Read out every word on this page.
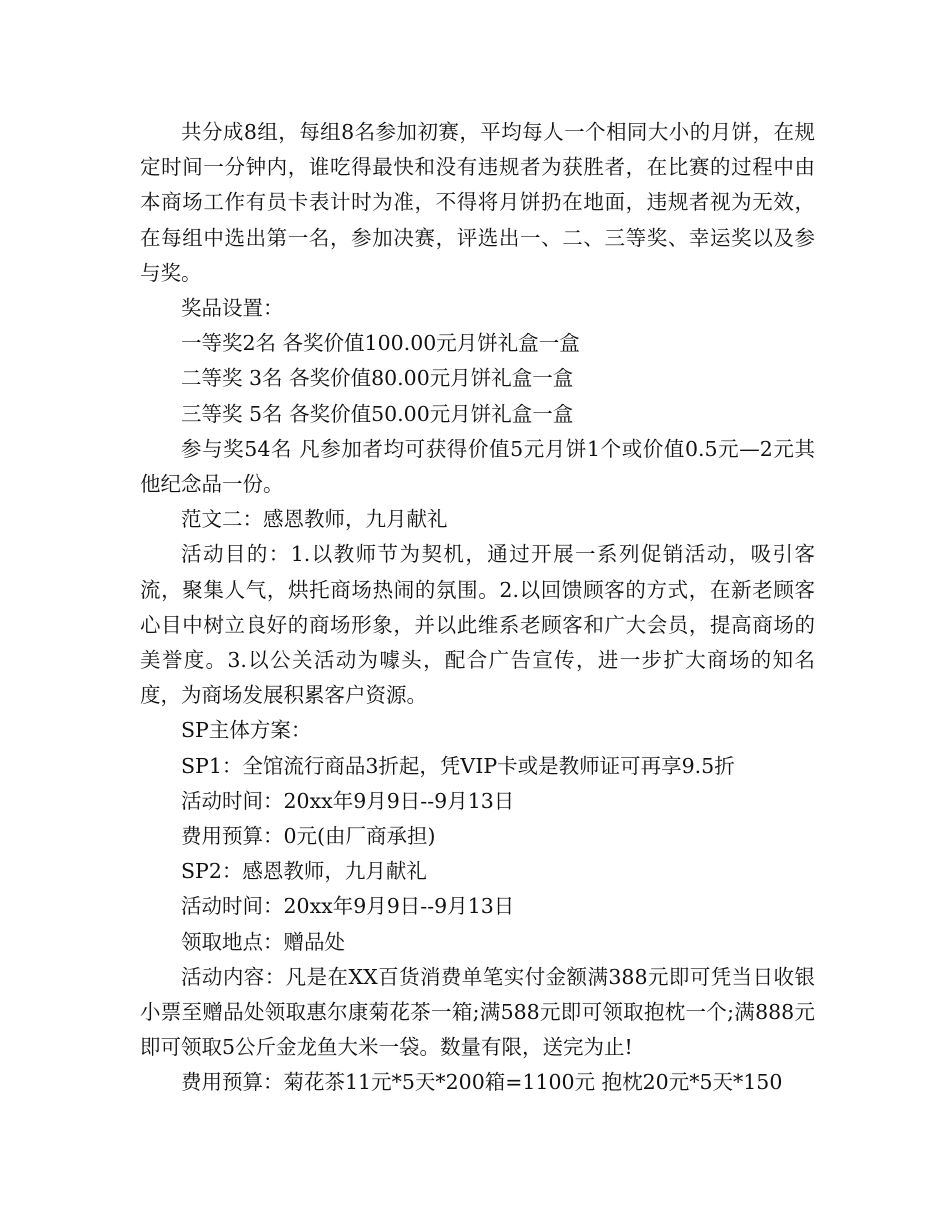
共分成8组，每组8名参加初赛，平均每人一个相同大小的月饼，在规定时间一分钟内，谁吃得最快和没有违规者为获胜者，在比赛的过程中由本商场工作有员卡表计时为准，不得将月饼扔在地面，违规者视为无效，在每组中选出第一名，参加决赛，评选出一、二、三等奖、幸运奖以及参与奖。

奖品设置：

一等奖2名 各奖价值100.00元月饼礼盒一盒

二等奖 3名 各奖价值80.00元月饼礼盒一盒

三等奖 5名 各奖价值50.00元月饼礼盒一盒

参与奖54名 凡参加者均可获得价值5元月饼1个或价值0.5元—2元其他纪念品一份。

范文二：感恩教师，九月献礼

活动目的：1.以教师节为契机，通过开展一系列促销活动，吸引客流，聚集人气，烘托商场热闹的氛围。2.以回馈顾客的方式，在新老顾客心目中树立良好的商场形象，并以此维系老顾客和广大会员，提高商场的美誉度。3.以公关活动为噱头，配合广告宣传，进一步扩大商场的知名度，为商场发展积累客户资源。

SP主体方案：

SP1：全馆流行商品3折起，凭VIP卡或是教师证可再享9.5折

活动时间：20xx年9月9日--9月13日

费用预算：0元(由厂商承担)

SP2：感恩教师，九月献礼

活动时间：20xx年9月9日--9月13日

领取地点：赠品处

活动内容：凡是在XX百货消费单笔实付金额满388元即可凭当日收银小票至赠品处领取惠尔康菊花茶一箱;满588元即可领取抱枕一个;满888元即可领取5公斤金龙鱼大米一袋。数量有限，送完为止!

费用预算：菊花茶11元*5天*200箱=1100元 抱枕20元*5天*150
